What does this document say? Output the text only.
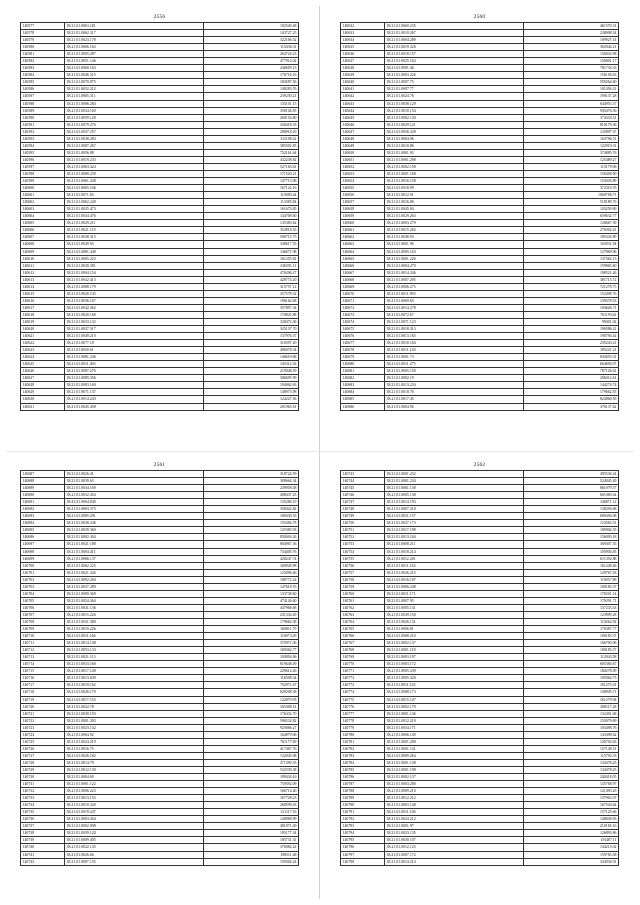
2556
140577	38.21.01.0063.181	182540.48
140578	38.21.01.0062.317	143727.25
140579	38.21.01.0023.178	322106.32
140580	38.21.01.0066.163	115436.31
140581	38.21.01.0005.287	264724.23
140582	38.21.01.0051.146	477914.02
140583	38.21.01.0060.163	240659.13
140584	38.21.01.0046.315	176716.16
140585	38.21.01.0070.075	184587.56
140586	38.21.01.0032.212	148283.76
140587	38.21.01.0065.311	239250.21
140588	38.21.01.0086.284	135101.15
140589	38.21.01.0034.160	358104.85
140590	38.21.01.0059.128	269154.80
140591	38.21.01.0079.276	336418.35
140592	38.21.01.0037.257	208918.20
140593	38.21.01.0038.283	311108.22
140594	38.21.01.0087.267	385502.85
140595	38.21.01.0056.88	752161.64
140596	38.21.01.0019.233	432238.82
140597	38.21.01.0063.424	527163.61
140598	38.21.01.0080.239	171520.21
140599	38.21.01.0061.248	147713.96
140600	38.21.01.0065.106	167122.16
140601	38.21.01.0071.65	115083.44
140602	38.21.01.0062.249	113385.84
140603	38.21.01.0025.473	161673.85
140604	38.21.01.0034.476	144708.60
140605	38.21.01.0029.211	135383.62
140606	38.21.01.0021.119	352818.35
140607	38.21.01.0038.315	508715.75
140608	38.21.01.0049.93	348617.55
140609	38.21.01.0081.448	146671.98
140610	38.21.01.0065.223	161255.82
140611	38.21.01.0039.391	236591.11
140612	38.21.01.0004.154	476206.27
140613	38.21.01.0042.413	428774.20
140614	38.21.01.0088.179	315757.12
140615	38.21.01.0020.145	357578.32
140616	38.21.01.0036.167	196162.68
140617	38.21.01.0042.362	357897.34
140618	38.21.01.0020.168	170825.88
140619	38.21.01.0033.132	328472.36
140620	38.21.01.0037.317	325137.70
140621	38.21.01.0049.210	137976.37
140622	38.21.01.0077.18	316597.20
140623	38.21.01.0050.61	496078.34
140624	38.21.01.0081.246	146619.68
140625	38.21.01.0011.403	145312.02
140626	38.21.01.0087.276	219048.59
140627	38.21.01.0085.356	306695.99
140628	38.21.01.0083.160	194062.63
140629	38.21.01.0071.137	140975.98
140630	38.21.01.0014.243	124227.56
140631	38.21.01.0045.458	201965.61
2560
140632	38.21.01.0060.235	461570.31
140633	38.21.01.0010.267	238008.34
140634	38.21.01.0004.289	109927.14
140635	38.21.01.0019.326	302944.21
140636	38.21.01.0018.157	156043.98
140637	38.21.01.0025.163	156001.17
140638	38.21.01.0091.46	781733.33
140639	38.21.01.0003.226	156156.63
140640	38.21.01.0007.75	559264.60
140641	38.21.01.0007.77	101456.21
140642	38.21.01.0024.76	190137.28
140643	38.21.01.0038.129	644953.37
140644	38.21.01.0010.154	935476.56
140645	38.21.01.0002.130	374333.51
140646	38.21.01.0029.121	810179.36
140647	38.21.01.0056.328	125897.37
140648	38.21.01.0004.96	163796.51
140649	38.21.01.0010.86	122919.31
140650	38.21.01.0001.92	374885.76
140651	38.21.01.0001.298	125489.27
140652	38.21.01.0002.158	115179.06
140653	38.21.01.0001.168	156408.00
140654	38.21.01.0016.158	153035.89
140655	38.21.01.0018.99	372310.76
140656	38.21.01.0012.01	1060786.71
140657	38.21.01.0016.86	518189.76
140658	38.21.01.0045.84	103250.69
140659	38.21.01.0029.263	659632.77
140660	38.21.01.0003.279	126667.39
140661	38.21.01.0015.265	276502.21
140662	38.21.01.0048.93	185334.89
140663	38.21.01.0001.96	163931.94
140664	38.21.01.0005.163	127869.96
140665	38.21.01.0001.226	137562.15
140666	38.21.01.0004.270	159965.60
140667	38.21.01.0014.246	108521.26
140668	38.21.01.0007.295	381715.72
140669	38.21.01.0006.275	721278.75
140670	38.21.01.0011.093	152498.76
140671	38.21.01.0069.65	139378.53
140672	38.21.01.0014.278	194626.71
140673	38.21.01.0072.67	761193.62
140674	38.21.01.0071.123	99401.02
140675	38.21.01.0018.313	196586.21
140676	38.21.01.0013.165	190794.42
140677	38.21.01.0018.164	235243.21
140678	38.21.01.0011.120	185221.21
140679	38.21.01.0001.73	843655.31
140680	38.21.01.0011.275	664694.07
140681	38.21.01.0005.150	787126.61
140682	38.21.01.0002.19	206012.61
140683	38.21.01.0013.234	144274.74
140684	38.21.01.0010.76	179662.55
140685	38.21.01.0017.45	824860.59
140686	38.21.01.0004.96	376137.62
2561
140687	38.21.01.0026.41	318724.59
140688	38.21.01.0039.63	308664.34
140689	38.21.01.0034.169	239958.58
140690	38.21.01.0032.454	498437.25
140691	38.41.01.0064.040	135286.19
140692	38.21.01.0063.375	358422.82
140693	38.21.01.0085.291	169430.53
140694	38.21.01.0030.246	155484.78
140695	38.21.01.0039.360	125383.93
140696	38.21.01.0082.304	858404.26
140697	38.21.01.0041.188	804967.36
140698	38.21.01.0004.411	734405.76
140699	38.21.01.0066.137	428247.74
140700	38.21.01.0062.225	160928.98
140701	38.21.01.0021.326	125096.46
140702	38.21.01.0092.260	188772.22
140703	38.21.01.0037.289	147618.76
140704	38.21.01.0009.368	133738.60
140705	38.21.01.0024.364	474126.60
140706	38.21.01.0041.136	447968.68
140707	38.21.01.0015.226	231334.29
140708	38.21.01.0031.380	179662.38
140709	38.21.01.0019.226	160811.79
140710	38.21.01.0011.166	110073.49
140711	38.21.01.0014.148	375971.36
140712	38.21.01.0053.133	169362.77
140713	38.21.01.0021.113	104904.06
140714	38.21.01.0033.160	819648.49
140715	38.21.01.0017.148	229614.26
140716	38.21.01.0013.049	116598.34
140717	38.21.01.0019.162	792971.67
140718	38.21.01.0026.170	829208.38
140719	38.21.01.0017.153	122879.93
140720	38.21.01.0022.78	165308.14
140721	38.21.01.0030.193	176432.70
140722	38.21.01.0001.203	596532.82
140723	38.21.01.0023.132	925666.27
140724	38.21.01.0004.92	164879.06
140725	38.21.01.0024.219	761177.69
140726	38.21.01.0016.75	417467.76
140727	38.21.01.0026.182	132045.08
140728	38.21.01.0014.79	271399.35
140729	38.21.01.0012.130	532539.38
140730	38.21.01.0004.60	189434.16
140731	38.21.01.0001.122	759592.09
140732	38.21.01.0006.223	166714.40
140733	38.21.01.0013.155	167728.23
140734	38.21.01.0010.320	268599.03
140735	38.21.01.0019.247	121117.16
140736	38.21.01.0003.304	140968.99
140737	38.21.01.0002.098	381971.49
140738	38.21.01.0039.120	195177.34
140739	38.21.01.0009.405	105731.31
140740	38.21.01.0022.135	376082.22
140741	38.21.01.0026.66	198511.48
140742	38.21.01.0007.135	159304.24
2562
140743	38.21.01.0001.232	495536.24
140744	38.21.01.0001.234	524945.49
140745	38.21.01.0001.138	861079.57
140746	38.21.01.0005.138	601069.44
140747	38.21.01.0014.193	146871.12
140748	38.21.01.0007.310	138294.68
140749	38.21.01.0031.157	689456.08
140750	38.21.01.0027.173	123563.51
140751	38.21.01.0017.198	180904.35
140752	38.21.01.0013.104	156093.18
140753	38.21.01.0008.211	369407.35
140754	38.21.01.0018.214	105904.85
140755	38.21.01.0012.201	611392.88
140756	38.21.01.0011.163	161249.46
140757	38.21.01.0026.215	129767.03
140758	38.21.01.0016.107	119057.89
140759	38.21.01.0006.248	100183.37
140760	38.21.01.0011.171	178201.14
140761	38.21.01.0007.95	179291.71
140762	38.21.01.0005.131	137233.33
140763	38.21.01.0039.150	123999.28
140764	38.21.01.0026.131	110262.92
140765	38.21.01.0006.81	170387.77
140766	38.21.01.0008.210	100183.37
140767	38.21.01.0002.137	166700.96
140768	38.21.01.0001.118	100183.37
140769	38.21.01.0003.197	112943.58
140770	38.21.01.0003.172	605384.67
140771	38.21.01.0005.239	160278.09
140772	38.21.01.0005.320	105964.75
140773	38.21.01.0011.145	101273.01
140774	38.21.01.0008.173	138945.71
140775	38.21.01.0015.147	161279.94
140776	38.21.01.0002.179	208117.28
140777	38.21.01.0001.146	132491.68
140778	38.21.01.0012.219	153079.69
140779	38.21.01.0034.171	103498.76
140780	38.21.01.0006.149	143498.62
140781	38.21.01.0001.200	126702.63
140782	38.21.01.0001.131	157148.51
140783	38.21.01.0009.264	115792.33
140784	38.21.01.0001.138	134478.25
140785	38.21.01.0001.198	134478.25
140786	38.21.01.0002.137	240418.05
140787	38.21.01.0003.280	135768.97
140788	38.21.01.0009.210	121493.25
140789	38.21.01.0012.212	137963.07
140790	38.21.01.0003.148	167543.64
140791	38.21.01.0011.106	157125.66
140792	38.21.01.0024.212	148049.05
140793	38.21.01.0001.97	210184.16
140794	38.21.01.0023.135	126893.86
140795	38.21.01.0030.107	135487.11
140796	38.21.01.0012.125	144213.02
140797	38.21.01.0007.172	159783.38
140798	38.21.01.0014.214	334934.91
